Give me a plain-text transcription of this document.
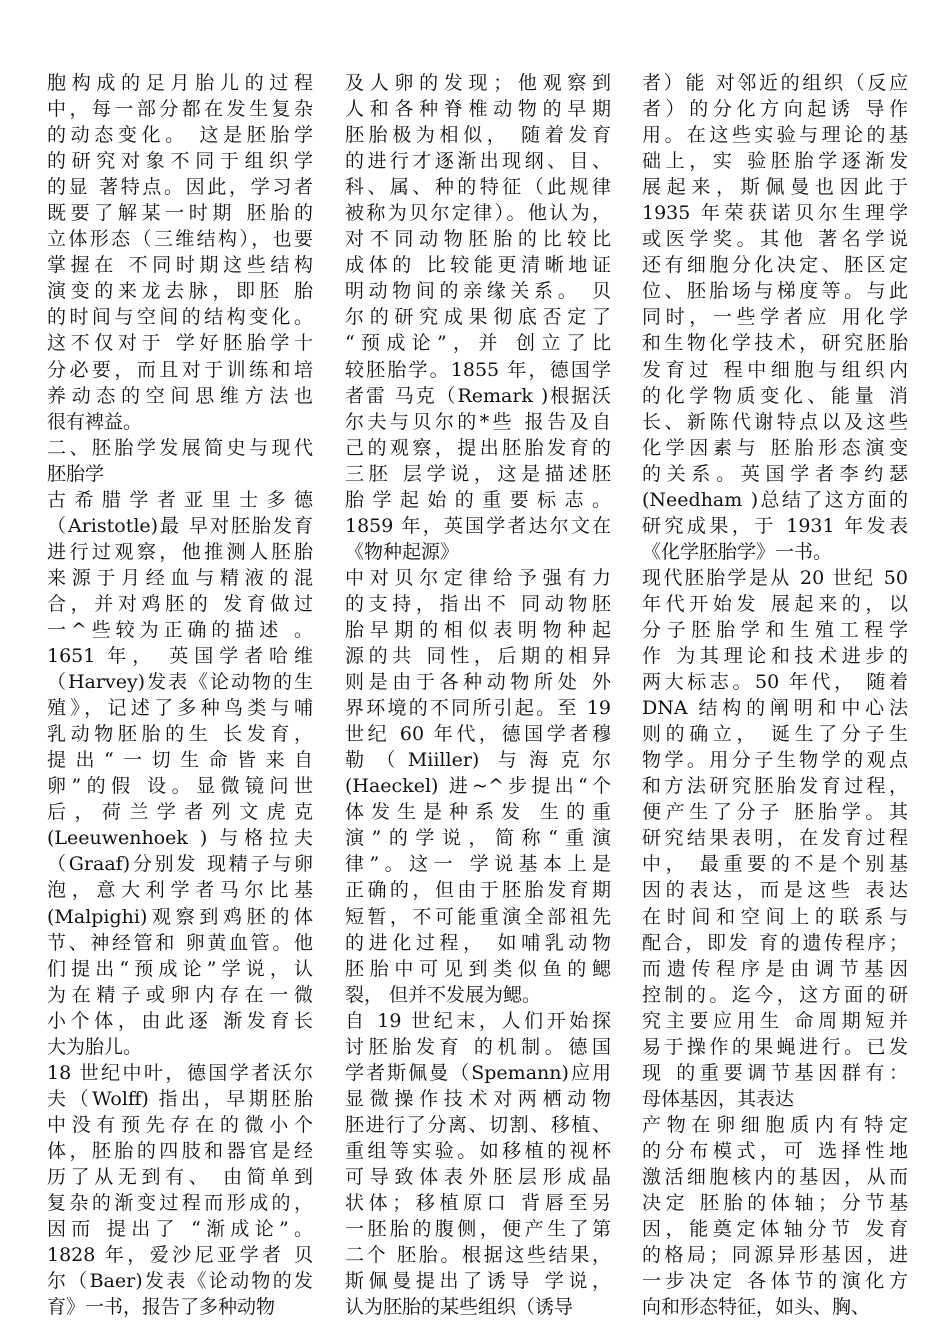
胞构成的足月胎儿的过程
中，每一部分都在发生复杂
的动态变化。 这是胚胎学
的研究对象不同于组织学
的显 著特点。因此，学习者
既要了解某一时期 胚胎的
立体形态（三维结构），也要
掌握在 不同时期这些结构
演变的来龙去脉，即胚 胎
的时间与空间的结构变化。
这不仅对于 学好胚胎学十
分必要，而且对于训练和培
养动态的空间思维方法也
很有裨益。
二、胚胎学发展简史与现代
胚胎学
古希腊学者亚里士多德
（Aristotle)最 早对胚胎发育
进行过观察，他推测人胚胎
来源于月经血与精液的混
合，并对鸡胚的 发育做过
一^些较为正确的描述 。
1651 年， 英国学者哈维
（Harvey)发表《论动物的生
殖》，记述了多种鸟类与哺
乳动物胚胎的生 长发育，
提出“一切生命皆来自
卵”的假 设。显微镜问世
后，荷兰学者列文虎克
(Leeuwenhoek ) 与格拉夫
（Graaf)分别发 现精子与卵
泡，意大利学者马尔比基
(Malpighi)观察到鸡胚的体
节、神经管和 卵黄血管。他
们提出“预成论”学说，认
为在精子或卵内存在一微
小个体，由此逐 渐发育长
大为胎儿。
18 世纪中叶，德国学者沃尔
夫（Wolff) 指出，早期胚胎
中没有预先存在的微小个
体，胚胎的四肢和器官是经
历了从无到有、 由简单到
复杂的渐变过程而形成的，
因而 提出了 “渐成论”。
1828 年，爱沙尼亚学者 贝
尔（Baer)发表《论动物的发
育》一书，报告了多种动物
及人卵的发现；他观察到
人和各种脊椎动物的早期
胚胎极为相似， 随着发育
的进行才逐渐出现纲、目、
科、属、种的特征（此规律
被称为贝尔定律）。他认为，
对不同动物胚胎的比较比
成体的 比较能更清晰地证
明动物间的亲缘关系。 贝
尔的研究成果彻底否定了
“预成论”，并 创立了比
较胚胎学。1855 年，德国学
者雷 马克（Remark )根据沃
尔夫与贝尔的*些 报告及自
己的观察，提出胚胎发育的
三胚 层学说，这是描述胚
胎学起始的重要标志。
1859 年，英国学者达尔文在
《物种起源》
中对贝尔定律给予强有力
的支持，指出不 同动物胚
胎早期的相似表明物种起
源的共 同性，后期的相异
则是由于各种动物所处 外
界环境的不同所引起。至 19
世纪 60 年代，德国学者穆
勒（Miiller) 与海克尔
(Haeckel) 进~^步提出“个
体发生是种系发 生的重
演”的学说，简称“重演
律”。这一 学说基本上是
正确的，但由于胚胎发育期
短暂，不可能重演全部祖先
的进化过程， 如哺乳动物
胚胎中可见到类似鱼的鳃
裂， 但并不发展为鳃。
自 19 世纪末，人们开始探
讨胚胎发育 的机制。德国
学者斯佩曼（Spemann)应用
显微操作技术对两栖动物
胚进行了分离、切割、移植、
重组等实验。如移植的视杯
可导致体表外胚层形成晶
状体；移植原口 背唇至另
一胚胎的腹侧，便产生了第
二个 胚胎。根据这些结果，
斯佩曼提出了诱导 学说，
认为胚胎的某些组织（诱导
者）能 对邻近的组织（反应
者）的分化方向起诱 导作
用。在这些实验与理论的基
础上，实 验胚胎学逐渐发
展起来，斯佩曼也因此于
1935 年荣获诺贝尔生理学
或医学奖。其他 著名学说
还有细胞分化决定、胚区定
位、胚胎场与梯度等。与此
同时，一些学者应 用化学
和生物化学技术，研究胚胎
发育过 程中细胞与组织内
的化学物质变化、能量 消
长、新陈代谢特点以及这些
化学因素与 胚胎形态演变
的关系。英国学者李约瑟
(Needham )总结了这方面的
研究成果，于 1931 年发表
《化学胚胎学》一书。
现代胚胎学是从 20 世纪 50
年代开始发 展起来的，以
分子胚胎学和生殖工程学
作 为其理论和技术进步的
两大标志。50 年代， 随着
DNA 结构的阐明和中心法
则的确立， 诞生了分子生
物学。用分子生物学的观点
和方法研究胚胎发育过程，
便产生了分子 胚胎学。其
研究结果表明，在发育过程
中， 最重要的不是个别基
因的表达，而是这些 表达
在时间和空间上的联系与
配合，即发 育的遗传程序；
而遗传程序是由调节基因
控制的。迄今，这方面的研
究主要应用生 命周期短并
易于操作的果蝇进行。已发
现 的重要调节基因群有：
母体基因，其表达
产物在卵细胞质内有特定
的分布模式，可 选择性地
激活细胞核内的基因，从而
决定 胚胎的体轴；分节基
因，能奠定体轴分节 发育
的格局；同源异形基因，进
一步决定 各体节的演化方
向和形态特征，如头、胸、
